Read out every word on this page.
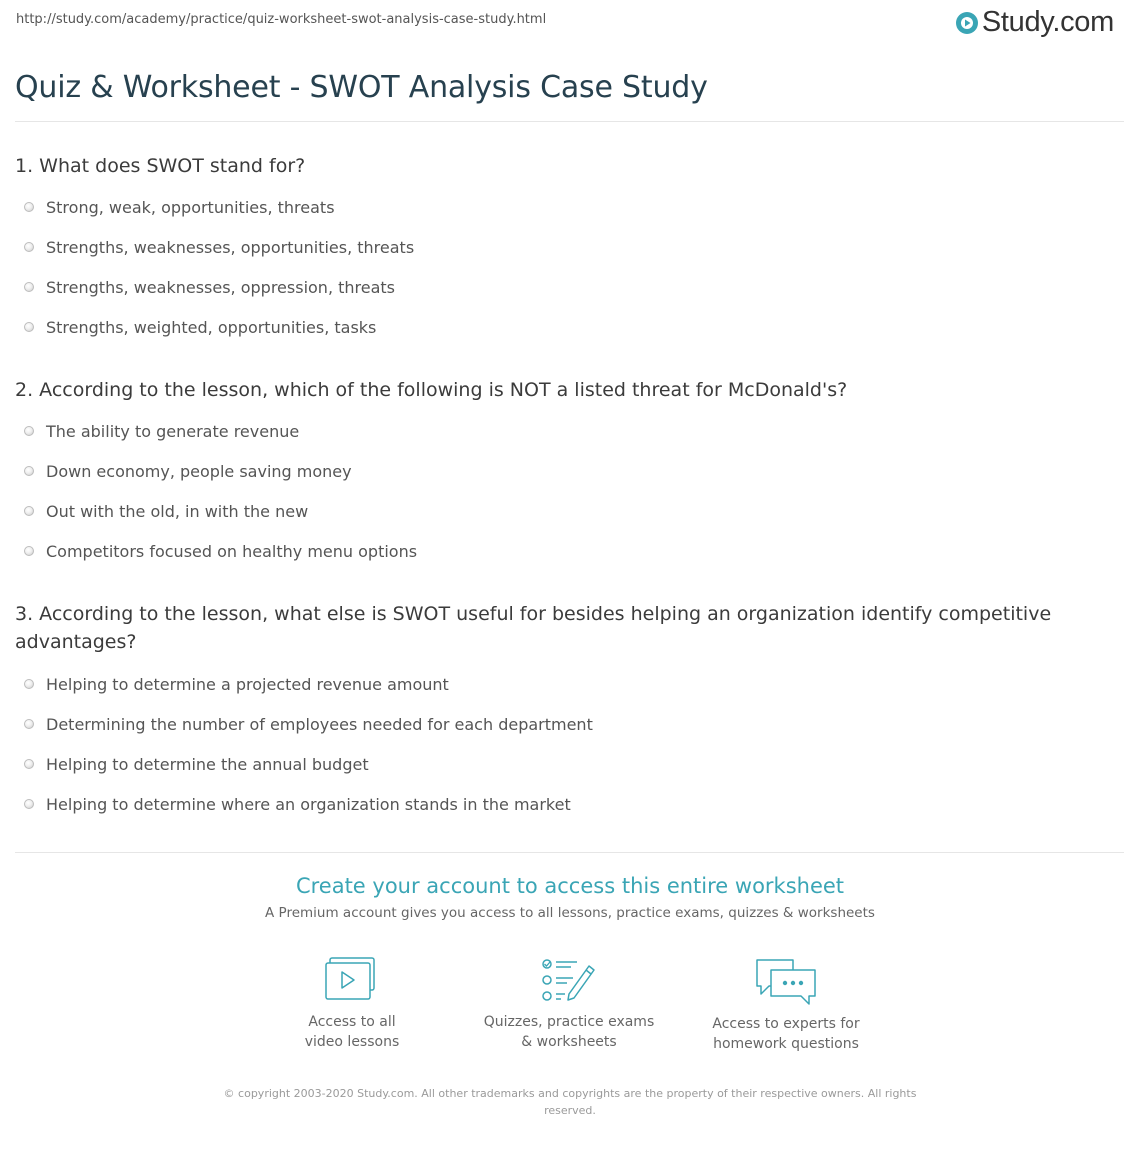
http://study.com/academy/practice/quiz-worksheet-swot-analysis-case-study.html	Study.com
Quiz & Worksheet - SWOT Analysis Case Study

1. What does SWOT stand for?

Strong, weak, opportunities, threats
Strengths, weaknesses, opportunities, threats
Strengths, weaknesses, oppression, threats
Strengths, weighted, opportunities, tasks

2. According to the lesson, which of the following is NOT a listed threat for McDonald's?

The ability to generate revenue
Down economy, people saving money
Out with the old, in with the new
Competitors focused on healthy menu options

3. According to the lesson, what else is SWOT useful for besides helping an organization identify competitive advantages?

Helping to determine a projected revenue amount
Determining the number of employees needed for each department
Helping to determine the annual budget
Helping to determine where an organization stands in the market
Create your account to access this entire worksheet
A Premium account gives you access to all lessons, practice exams, quizzes & worksheets
Access to all
video lessons
Quizzes, practice exams
& worksheets
Access to experts for
homework questions
© copyright 2003-2020 Study.com. All other trademarks and copyrights are the property of their respective owners. All rights reserved.
